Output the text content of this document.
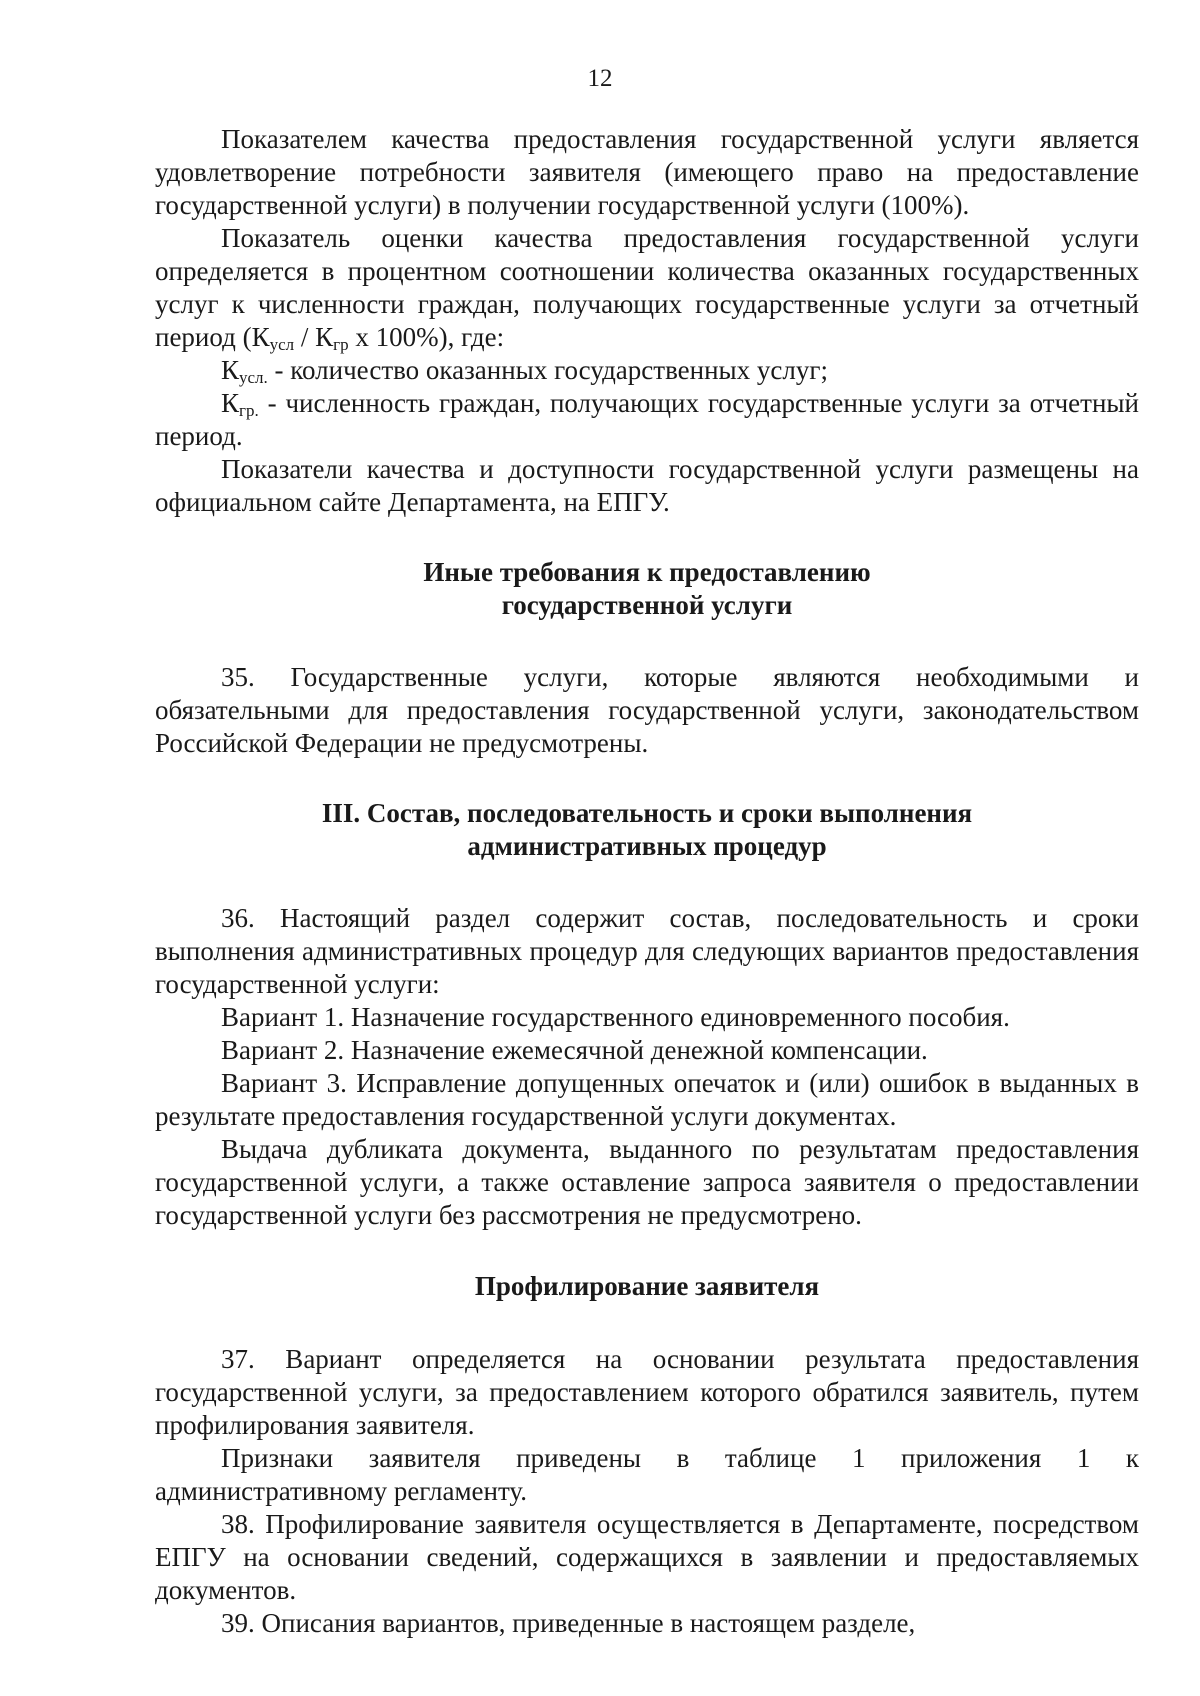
12

Показателем качества предоставления государственной услуги является удовлетворение потребности заявителя (имеющего право на предоставление государственной услуги) в получении государственной услуги (100%).

Показатель оценки качества предоставления государственной услуги определяется в процентном соотношении количества оказанных государственных услуг к численности граждан, получающих государственные услуги за отчетный период ($К_{усл} / К_{гр}$ х 100%), где:

$К_{усл.}$ - количество оказанных государственных услуг;

$К_{гр.}$ - численность граждан, получающих государственные услуги за отчетный период.

Показатели качества и доступности государственной услуги размещены на официальном сайте Департамента, на ЕПГУ.

Иные требования к предоставлению
государственной услуги

35. Государственные услуги, которые являются необходимыми и обязательными для предоставления государственной услуги, законодательством Российской Федерации не предусмотрены.

III. Состав, последовательность и сроки выполнения
административных процедур

36. Настоящий раздел содержит состав, последовательность и сроки выполнения административных процедур для следующих вариантов предоставления государственной услуги:

Вариант 1. Назначение государственного единовременного пособия.

Вариант 2. Назначение ежемесячной денежной компенсации.

Вариант 3. Исправление допущенных опечаток и (или) ошибок в выданных в результате предоставления государственной услуги документах.

Выдача дубликата документа, выданного по результатам предоставления государственной услуги, а также оставление запроса заявителя о предоставлении государственной услуги без рассмотрения не предусмотрено.

Профилирование заявителя

37. Вариант определяется на основании результата предоставления государственной услуги, за предоставлением которого обратился заявитель, путем профилирования заявителя.

Признаки заявителя приведены в таблице 1 приложения 1 к административному регламенту.

38. Профилирование заявителя осуществляется в Департаменте, посредством ЕПГУ на основании сведений, содержащихся в заявлении и предоставляемых документов.

39. Описания вариантов, приведенные в настоящем разделе,
